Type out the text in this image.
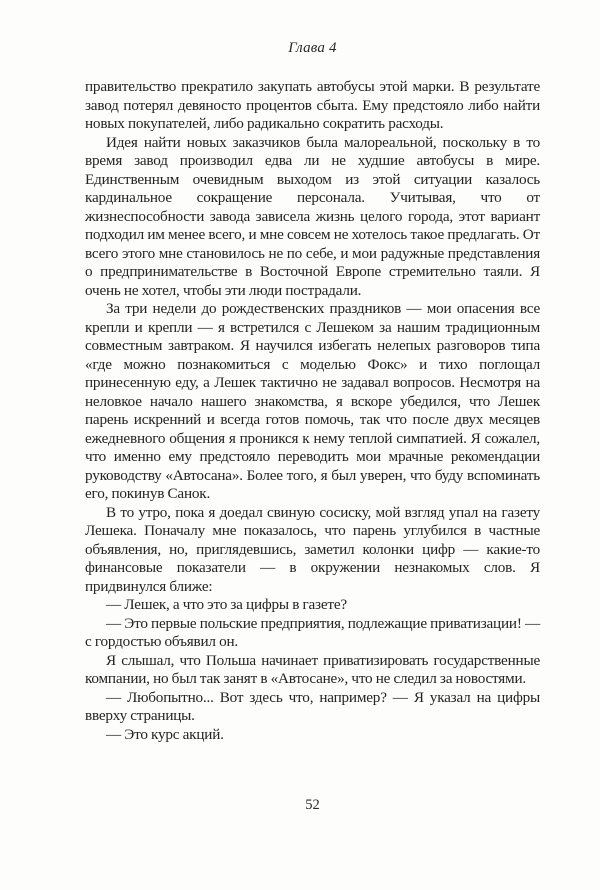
Глава 4

правительство прекратило закупать автобусы этой марки. В результате завод потерял девяносто процентов сбыта. Ему предстояло либо найти новых покупателей, либо радикально сократить расходы.

Идея найти новых заказчиков была малореальной, поскольку в то время завод производил едва ли не худшие автобусы в мире. Единственным очевидным выходом из этой ситуации казалось кардинальное сокращение персонала. Учитывая, что от жизнеспособности завода зависела жизнь целого города, этот вариант подходил им менее всего, и мне совсем не хотелось такое предлагать. От всего этого мне становилось не по себе, и мои радужные представления о предпринимательстве в Восточной Европе стремительно таяли. Я очень не хотел, чтобы эти люди пострадали.

За три недели до рождественских праздников — мои опасения все крепли и крепли — я встретился с Лешеком за нашим традиционным совместным завтраком. Я научился избегать нелепых разговоров типа «где можно познакомиться с моделью Фокс» и тихо поглощал принесенную еду, а Лешек тактично не задавал вопросов. Несмотря на неловкое начало нашего знакомства, я вскоре убедился, что Лешек парень искренний и всегда готов помочь, так что после двух месяцев ежедневного общения я проникся к нему теплой симпатией. Я сожалел, что именно ему предстояло переводить мои мрачные рекомендации руководству «Автосана». Более того, я был уверен, что буду вспоминать его, покинув Санок.

В то утро, пока я доедал свиную сосиску, мой взгляд упал на газету Лешека. Поначалу мне показалось, что парень углубился в частные объявления, но, приглядевшись, заметил колонки цифр — какие-то финансовые показатели — в окружении незнакомых слов. Я придвинулся ближе:

— Лешек, а что это за цифры в газете?

— Это первые польские предприятия, подлежащие приватизации! — с гордостью объявил он.

Я слышал, что Польша начинает приватизировать государственные компании, но был так занят в «Автосане», что не следил за новостями.

— Любопытно... Вот здесь что, например? — Я указал на цифры вверху страницы.

— Это курс акций.

52
